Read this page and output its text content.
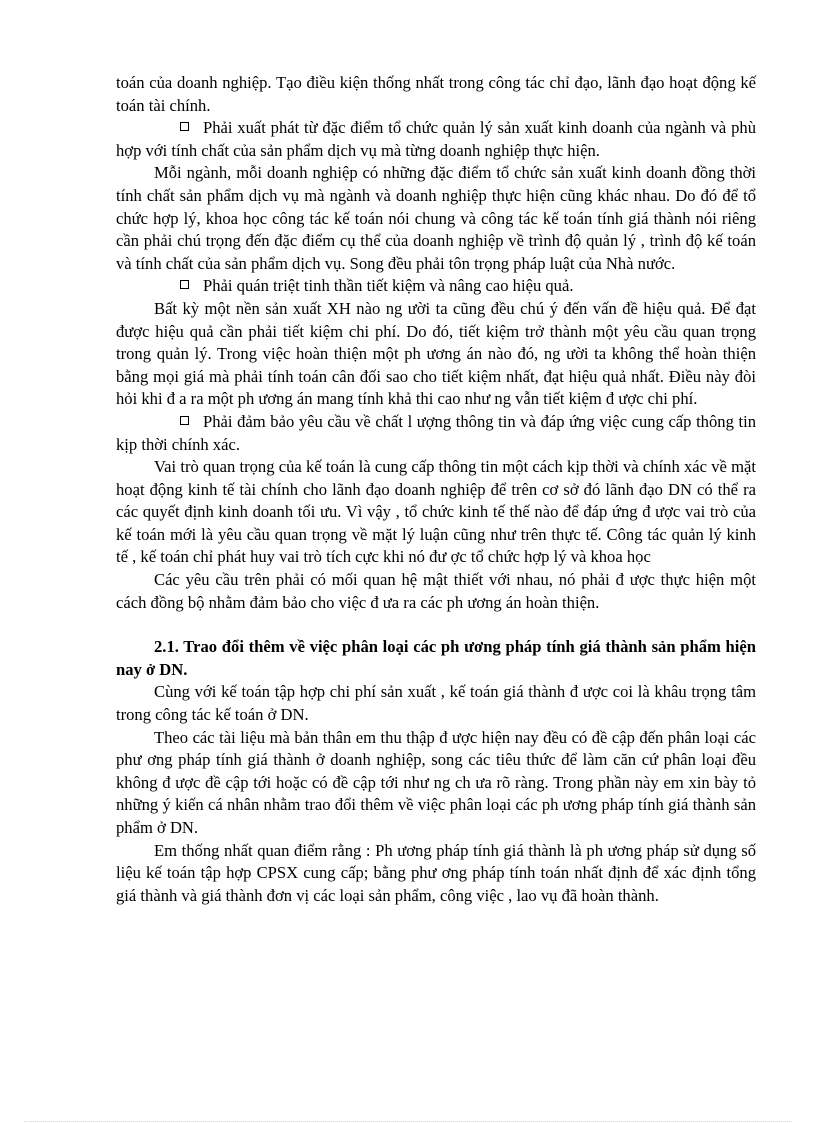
toán của doanh nghiệp. Tạo điều kiện thống nhất trong công tác chỉ đạo, lãnh đạo hoạt động kế toán tài chính.

Phải xuất phát từ đặc điểm tổ chức quản lý sản xuất kinh doanh của ngành và phù hợp với tính chất của sản phẩm dịch vụ mà từng doanh nghiệp thực hiện.

Mỗi ngành, mỗi doanh nghiệp có những đặc điểm tổ chức sản xuất kinh doanh đồng thời tính chất sản phẩm dịch vụ mà ngành và doanh nghiệp thực hiện cũng khác nhau. Do đó để tổ chức hợp lý, khoa học công tác kế toán nói chung và công tác kế toán tính giá thành nói riêng cần phải chú trọng đến đặc điểm cụ thể của doanh nghiệp về trình độ quản lý , trình độ kế toán và tính chất của sản phẩm dịch vụ. Song đều phải tôn trọng pháp luật của Nhà nước.

Phải quán triệt tinh thần tiết kiệm và nâng cao hiệu quả.

Bất kỳ một nền sản xuất XH nào ng ười ta cũng đều chú ý đến vấn đề hiệu quả. Để đạt được hiệu quả cần phải tiết kiệm chi phí. Do đó, tiết kiệm trở thành một yêu cầu quan trọng trong quản lý. Trong việc hoàn thiện một ph ương án nào đó, ng ười ta không thể hoàn thiện bằng mọi giá mà phải tính toán cân đối sao cho tiết kiệm nhất, đạt hiệu quả nhất. Điều này đòi hỏi khi đ a ra một ph ương án mang tính khả thi cao như ng vẫn tiết kiệm đ ược chi phí.

Phải đảm bảo yêu cầu về chất l ượng thông tin và đáp ứng việc cung cấp thông tin kịp thời chính xác.

Vai trò quan trọng của kế toán là cung cấp thông tin một cách kịp thời và chính xác về mặt hoạt động kinh tế tài chính cho lãnh đạo doanh nghiệp để trên cơ sở đó lãnh đạo DN có thể ra các quyết định kinh doanh tối ưu. Vì vậy , tổ chức kinh tế thế nào để đáp ứng đ ược vai trò của kế toán mới là yêu cầu quan trọng về mặt lý luận cũng như trên thực tế. Công tác quản lý kinh tế , kế toán chỉ phát huy vai trò tích cực khi nó đư ợc tổ chức hợp lý và khoa học

Các yêu cầu trên phải có mối quan hệ mật thiết với nhau, nó phải đ ược thực hiện một cách đồng bộ nhằm đảm bảo cho việc đ ưa ra các ph ương án hoàn thiện.

2.1. Trao đổi thêm về việc phân loại các ph ương pháp tính giá thành sản phẩm hiện nay ở DN.

Cùng với kế toán tập hợp chi phí sản xuất , kế toán giá thành đ ược coi là khâu trọng tâm trong công tác kế toán ở DN.

Theo các tài liệu mà bản thân em thu thập đ ược hiện nay đều có đề cập đến phân loại các phư ơng pháp tính giá thành ở doanh nghiệp, song các tiêu thức để làm căn cứ phân loại đều không đ ược đề cập tới hoặc có đề cập tới như ng ch ưa rõ ràng. Trong phần này em xin bày tỏ những ý kiến cá nhân nhằm trao đổi thêm về việc phân loại các ph ương pháp tính giá thành sản phẩm ở DN.

Em thống nhất quan điểm rằng : Ph ương pháp tính giá thành là ph ương pháp sử dụng số liệu kế toán tập hợp CPSX cung cấp; bằng phư ơng pháp tính toán nhất định để xác định tổng giá thành và giá thành đơn vị các loại sản phẩm, công việc , lao vụ đã hoàn thành.
